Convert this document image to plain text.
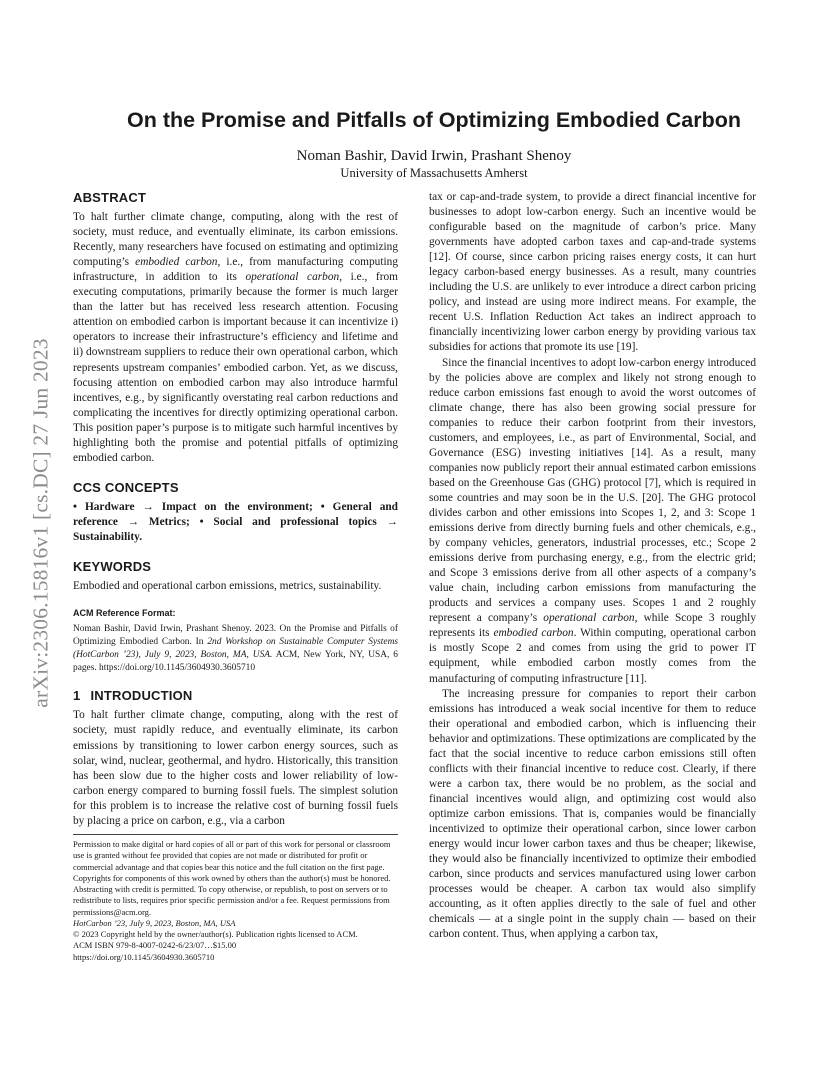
arXiv:2306.15816v1 [cs.DC] 27 Jun 2023
On the Promise and Pitfalls of Optimizing Embodied Carbon

Noman Bashir, David Irwin, Prashant Shenoy

University of Massachusetts Amherst

ABSTRACT

To halt further climate change, computing, along with the rest of society, must reduce, and eventually eliminate, its carbon emissions. Recently, many researchers have focused on estimating and optimizing computing’s embodied carbon, i.e., from manufacturing computing infrastructure, in addition to its operational carbon, i.e., from executing computations, primarily because the former is much larger than the latter but has received less research attention. Focusing attention on embodied carbon is important because it can incentivize i) operators to increase their infrastructure’s efficiency and lifetime and ii) downstream suppliers to reduce their own operational carbon, which represents upstream companies’ embodied carbon. Yet, as we discuss, focusing attention on embodied carbon may also introduce harmful incentives, e.g., by significantly overstating real carbon reductions and complicating the incentives for directly optimizing operational carbon. This position paper’s purpose is to mitigate such harmful incentives by highlighting both the promise and potential pitfalls of optimizing embodied carbon.

CCS CONCEPTS

• Hardware → Impact on the environment; • General and reference → Metrics; • Social and professional topics → Sustainability.

KEYWORDS

Embodied and operational carbon emissions, metrics, sustainability.

ACM Reference Format:

Noman Bashir, David Irwin, Prashant Shenoy. 2023. On the Promise and Pitfalls of Optimizing Embodied Carbon. In 2nd Workshop on Sustainable Computer Systems (HotCarbon ’23), July 9, 2023, Boston, MA, USA. ACM, New York, NY, USA, 6 pages. https://doi.org/10.1145/3604930.3605710

1 INTRODUCTION

To halt further climate change, computing, along with the rest of society, must rapidly reduce, and eventually eliminate, its carbon emissions by transitioning to lower carbon energy sources, such as solar, wind, nuclear, geothermal, and hydro. Historically, this transition has been slow due to the higher costs and lower reliability of low-carbon energy compared to burning fossil fuels. The simplest solution for this problem is to increase the relative cost of burning fossil fuels by placing a price on carbon, e.g., via a carbon

tax or cap-and-trade system, to provide a direct financial incentive for businesses to adopt low-carbon energy. Such an incentive would be configurable based on the magnitude of carbon’s price. Many governments have adopted carbon taxes and cap-and-trade systems [12]. Of course, since carbon pricing raises energy costs, it can hurt legacy carbon-based energy businesses. As a result, many countries including the U.S. are unlikely to ever introduce a direct carbon pricing policy, and instead are using more indirect means. For example, the recent U.S. Inflation Reduction Act takes an indirect approach to financially incentivizing lower carbon energy by providing various tax subsidies for actions that promote its use [19].

Since the financial incentives to adopt low-carbon energy introduced by the policies above are complex and likely not strong enough to reduce carbon emissions fast enough to avoid the worst outcomes of climate change, there has also been growing social pressure for companies to reduce their carbon footprint from their investors, customers, and employees, i.e., as part of Environmental, Social, and Governance (ESG) investing initiatives [14]. As a result, many companies now publicly report their annual estimated carbon emissions based on the Greenhouse Gas (GHG) protocol [7], which is required in some countries and may soon be in the U.S. [20]. The GHG protocol divides carbon and other emissions into Scopes 1, 2, and 3: Scope 1 emissions derive from directly burning fuels and other chemicals, e.g., by company vehicles, generators, industrial processes, etc.; Scope 2 emissions derive from purchasing energy, e.g., from the electric grid; and Scope 3 emissions derive from all other aspects of a company’s value chain, including carbon emissions from manufacturing the products and services a company uses. Scopes 1 and 2 roughly represent a company’s operational carbon, while Scope 3 roughly represents its embodied carbon. Within computing, operational carbon is mostly Scope 2 and comes from using the grid to power IT equipment, while embodied carbon mostly comes from the manufacturing of computing infrastructure [11].

The increasing pressure for companies to report their carbon emissions has introduced a weak social incentive for them to reduce their operational and embodied carbon, which is influencing their behavior and optimizations. These optimizations are complicated by the fact that the social incentive to reduce carbon emissions still often conflicts with their financial incentive to reduce cost. Clearly, if there were a carbon tax, there would be no problem, as the social and financial incentives would align, and optimizing cost would also optimize carbon emissions. That is, companies would be financially incentivized to optimize their operational carbon, since lower carbon energy would incur lower carbon taxes and thus be cheaper; likewise, they would also be financially incentivized to optimize their embodied carbon, since products and services manufactured using lower carbon processes would be cheaper. A carbon tax would also simplify accounting, as it often applies directly to the sale of fuel and other chemicals — at a single point in the supply chain — based on their carbon content. Thus, when applying a carbon tax,

Permission to make digital or hard copies of all or part of this work for personal or classroom use is granted without fee provided that copies are not made or distributed for profit or commercial advantage and that copies bear this notice and the full citation on the first page. Copyrights for components of this work owned by others than the author(s) must be honored. Abstracting with credit is permitted. To copy otherwise, or republish, to post on servers or to redistribute to lists, requires prior specific permission and/or a fee. Request permissions from permissions@acm.org.

HotCarbon ’23, July 9, 2023, Boston, MA, USA

© 2023 Copyright held by the owner/author(s). Publication rights licensed to ACM.

ACM ISBN 979-8-4007-0242-6/23/07…$15.00

https://doi.org/10.1145/3604930.3605710
